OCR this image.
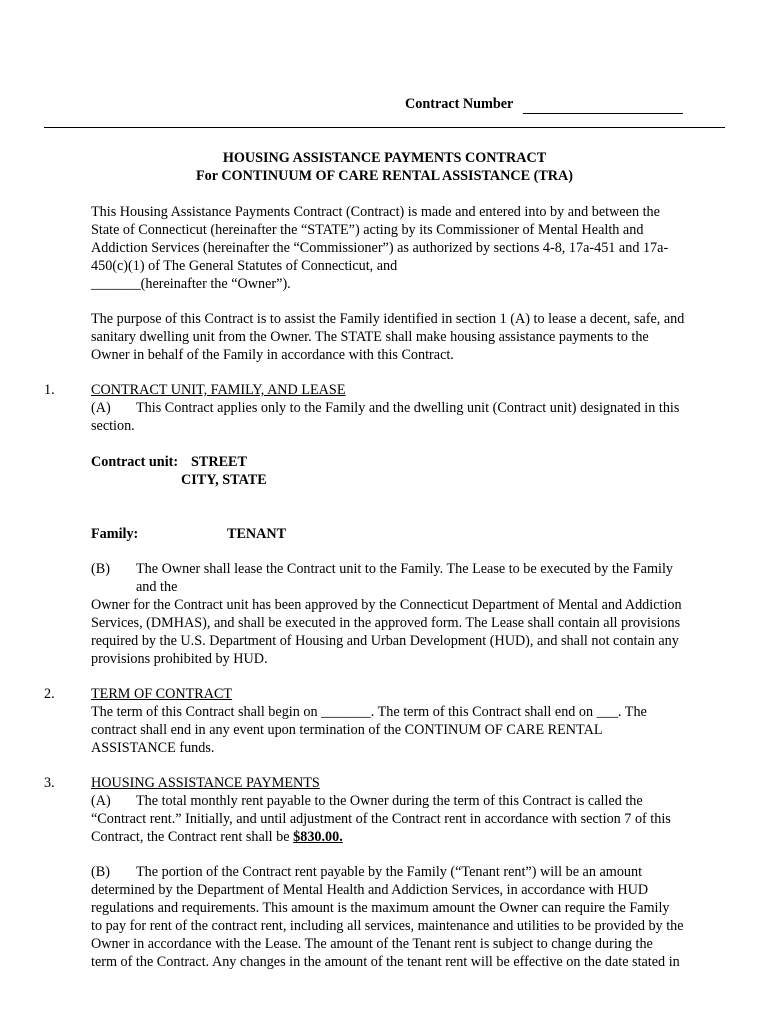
Contract Number
HOUSING ASSISTANCE PAYMENTS CONTRACT
For CONTINUUM OF CARE RENTAL ASSISTANCE (TRA)
This Housing Assistance Payments Contract (Contract) is made and entered into by and between the
State of Connecticut (hereinafter the “STATE”) acting by its Commissioner of Mental Health and
Addiction Services (hereinafter the “Commissioner”) as authorized by sections 4-8, 17a-451 and 17a-
450(c)(1) of The General Statutes of Connecticut, and
_______(hereinafter the “Owner”).
The purpose of this Contract is to assist the Family identified in section 1 (A) to lease a decent, safe, and
sanitary dwelling unit from the Owner. The STATE shall make housing assistance payments to the
Owner in behalf of the Family in accordance with this Contract.
1.	CONTRACT UNIT, FAMILY, AND LEASE
(A) This Contract applies only to the Family and the dwelling unit (Contract unit) designated in this
section.
Contract unit: STREET
CITY, STATE
Family:	TENANT
(B) The Owner shall lease the Contract unit to the Family. The Lease to be executed by the Family
and the
Owner for the Contract unit has been approved by the Connecticut Department of Mental and Addiction
Services, (DMHAS), and shall be executed in the approved form. The Lease shall contain all provisions
required by the U.S. Department of Housing and Urban Development (HUD), and shall not contain any
provisions prohibited by HUD.
2.	TERM OF CONTRACT
The term of this Contract shall begin on _______. The term of this Contract shall end on ___. The
contract shall end in any event upon termination of the CONTINUM OF CARE RENTAL
ASSISTANCE funds.
3.	HOUSING ASSISTANCE PAYMENTS
(A) The total monthly rent payable to the Owner during the term of this Contract is called the
“Contract rent.” Initially, and until adjustment of the Contract rent in accordance with section 7 of this
Contract, the Contract rent shall be $830.00.
(B) The portion of the Contract rent payable by the Family (“Tenant rent”) will be an amount
determined by the Department of Mental Health and Addiction Services, in accordance with HUD
regulations and requirements. This amount is the maximum amount the Owner can require the Family
to pay for rent of the contract rent, including all services, maintenance and utilities to be provided by the
Owner in accordance with the Lease. The amount of the Tenant rent is subject to change during the
term of the Contract. Any changes in the amount of the tenant rent will be effective on the date stated in
